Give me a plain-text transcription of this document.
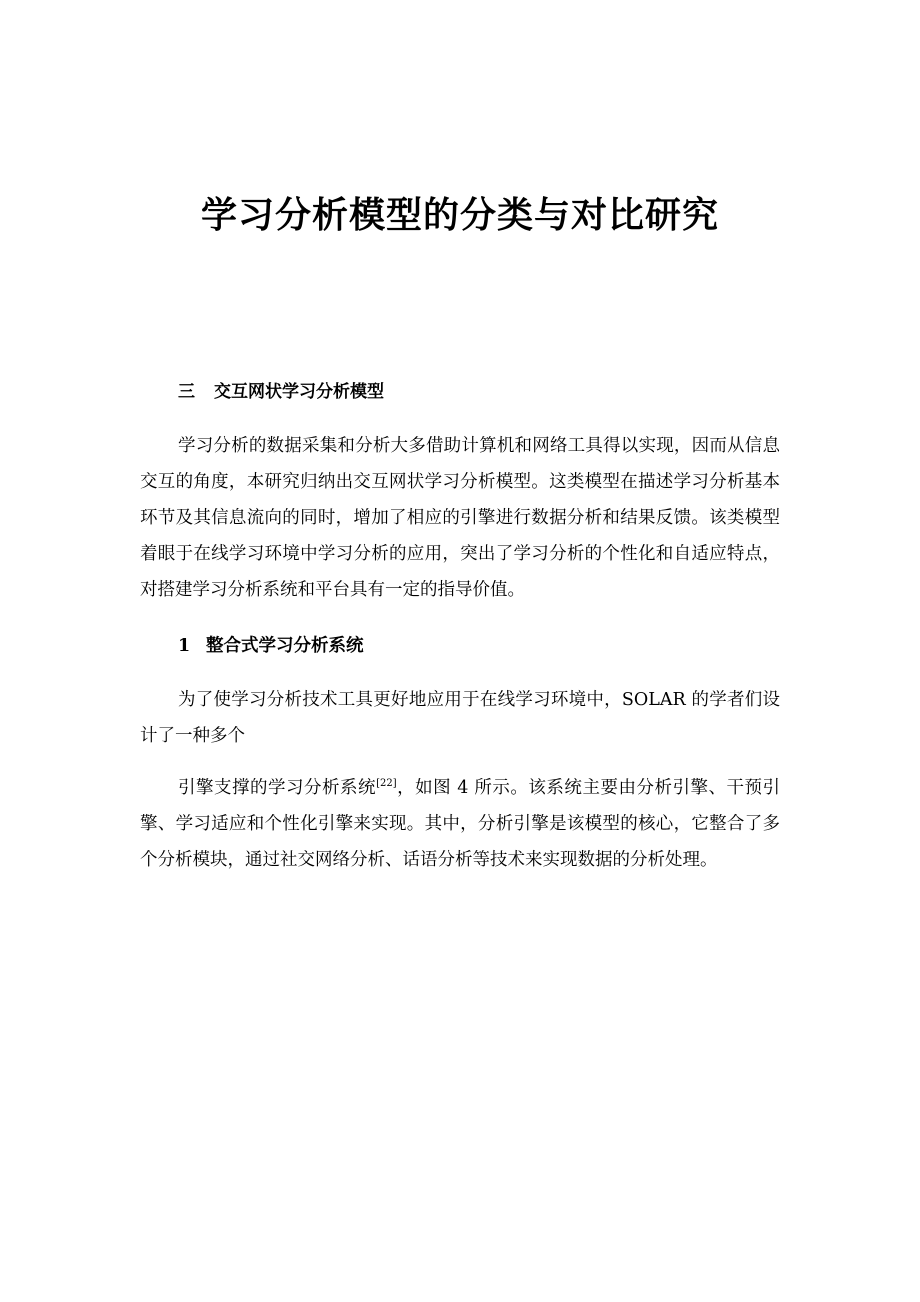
学习分析模型的分类与对比研究
三 交互网状学习分析模型

学习分析的数据采集和分析大多借助计算机和网络工具得以实现，因而从信息交互的角度，本研究归纳出交互网状学习分析模型。这类模型在描述学习分析基本环节及其信息流向的同时，增加了相应的引擎进行数据分析和结果反馈。该类模型着眼于在线学习环境中学习分析的应用，突出了学习分析的个性化和自适应特点，对搭建学习分析系统和平台具有一定的指导价值。

1 整合式学习分析系统

为了使学习分析技术工具更好地应用于在线学习环境中，SOLAR 的学者们设计了一种多个

引擎支撑的学习分析系统[22]，如图 4 所示。该系统主要由分析引擎、干预引擎、学习适应和个性化引擎来实现。其中，分析引擎是该模型的核心，它整合了多个分析模块，通过社交网络分析、话语分析等技术来实现数据的分析处理。
